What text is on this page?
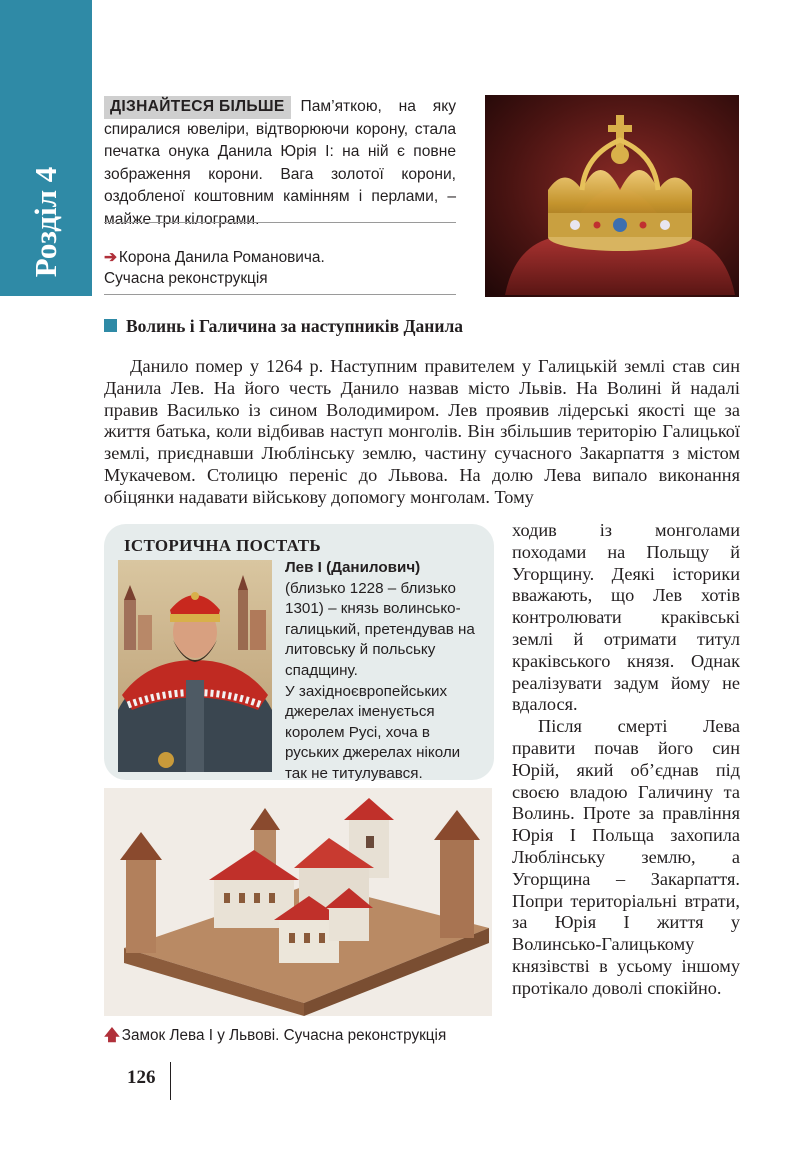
Розділ 4
ДІЗНАЙТЕСЯ БІЛЬШЕ Пам’яткою, на яку спиралися ювеліри, відтворюючи корону, стала печатка онука Данила Юрія I: на ній є повне зображення корони. Вага золотої корони, оздобленої коштовним камінням і перлами, – майже три кілограми.
➔ Корона Данила Романовича.
Сучасна реконструкція
Волинь і Галичина за наступників Данила

Данило помер у 1264 р. Наступним правителем у Галицькій землі став син Данила Лев. На його честь Данило назвав місто Львів. На Волині й надалі правив Василько із сином Володимиром. Лев проявив лідерські якості ще за життя батька, коли відбивав наступ монголів. Він збільшив територію Галицької землі, приєднавши Люблінську землю, частину сучасного Закарпаття з містом Мукачевом. Столицю переніс до Львова. На долю Лева випало виконання обіцянки надавати військову допомогу монголам. Тому

ІСТОРИЧНА ПОСТАТЬ
Лев I (Данилович)
(близько 1228 – близько 1301) – князь волинсько-галицький, претендував на литовську й польську спадщину.
У західноєвропейських джерелах іменується королем Русі, хоча в руських джерелах ніколи так не титулувався.

ходив із монголами походами на Польщу й Угорщину. Деякі історики вважають, що Лев хотів контролювати краківські землі й отримати титул краківського князя. Однак реалізувати задум йому не вдалося.

Після смерті Лева правити почав його син Юрій, який об’єднав під своєю владою Галичину та Волинь. Проте за правління Юрія I Польща захопила Люблінську землю, а Угорщина – Закарпаття. Попри територіальні втрати, за Юрія I життя у Волинсько-Галицькому князівстві в усьому іншому протікало доволі спокійно.

🡅 Замок Лева I у Львові. Сучасна реконструкція
126
